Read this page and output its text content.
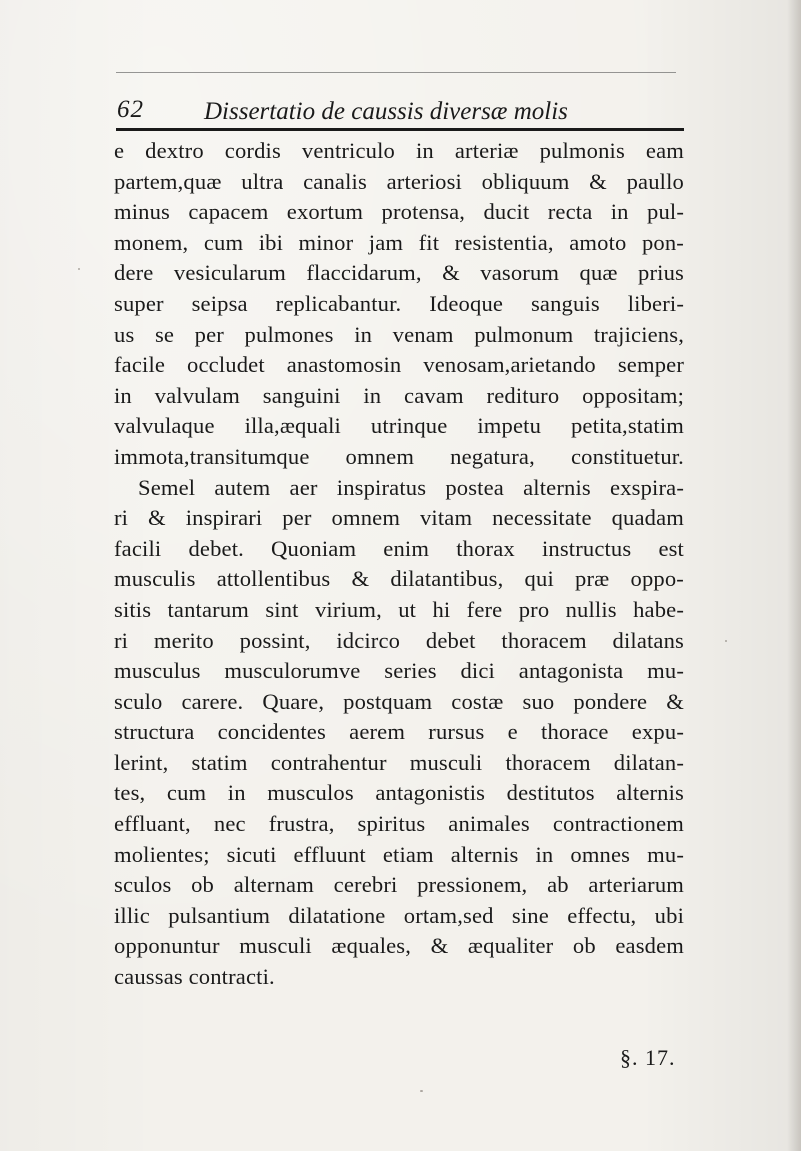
62 Dissertatio de caussis diversæ molis
e dextro cordis ventriculo in arteriæ pulmonis eam
partem,quæ ultra canalis arteriosi obliquum & paullo
minus capacem exortum protensa, ducit recta in pul-
monem, cum ibi minor jam fit resistentia, amoto pon-
dere vesicularum flaccidarum, & vasorum quæ prius
super seipsa replicabantur. Ideoque sanguis liberi-
us se per pulmones in venam pulmonum trajiciens,
facile occludet anastomosin venosam,arietando semper
in valvulam sanguini in cavam redituro oppositam;
valvulaque illa,æquali utrinque impetu petita,statim
immota,transitumque omnem negatura, constituetur.
Semel autem aer inspiratus postea alternis exspira-
ri & inspirari per omnem vitam necessitate quadam
facili debet. Quoniam enim thorax instructus est
musculis attollentibus & dilatantibus, qui præ oppo-
sitis tantarum sint virium, ut hi fere pro nullis habe-
ri merito possint, idcirco debet thoracem dilatans
musculus musculorumve series dici antagonista mu-
sculo carere. Quare, postquam costæ suo pondere &
structura concidentes aerem rursus e thorace expu-
lerint, statim contrahentur musculi thoracem dilatan-
tes, cum in musculos antagonistis destitutos alternis
effluant, nec frustra, spiritus animales contractionem
molientes; sicuti effluunt etiam alternis in omnes mu-
sculos ob alternam cerebri pressionem, ab arteriarum
illic pulsantium dilatatione ortam,sed sine effectu, ubi
opponuntur musculi æquales, & æqualiter ob easdem
caussas contracti.
§. 17.
